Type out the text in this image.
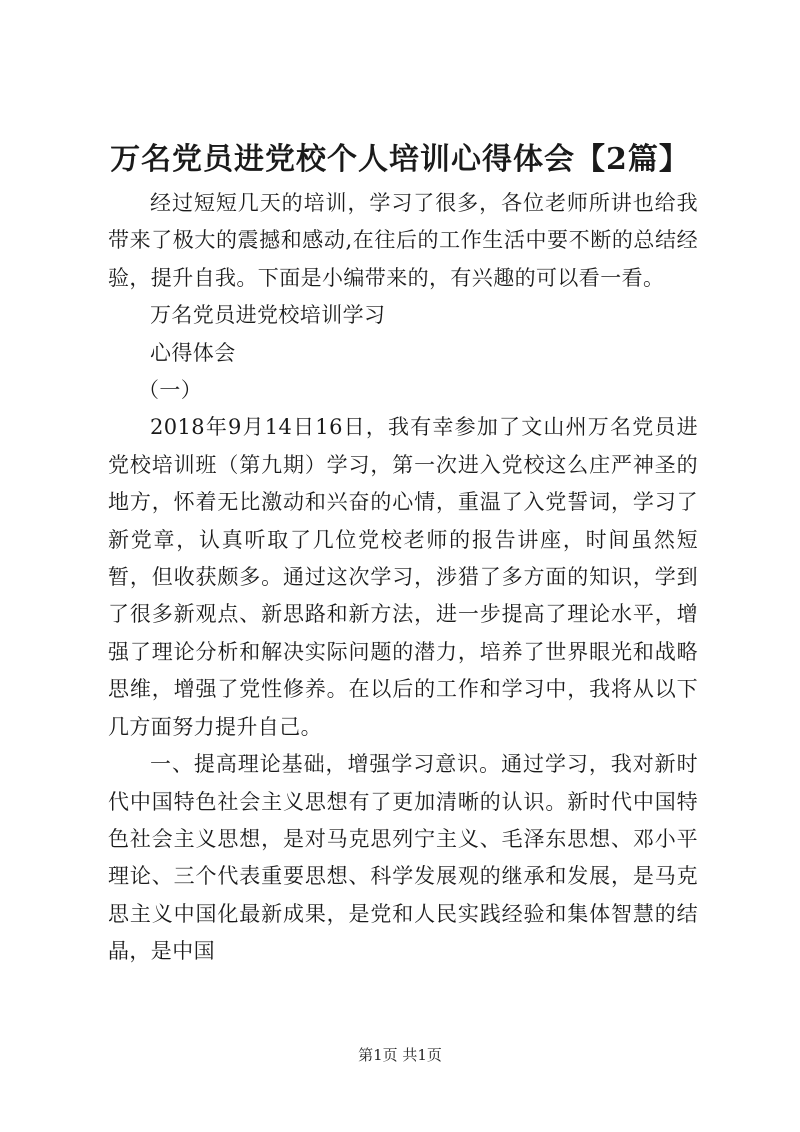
万名党员进党校个人培训心得体会【2篇】

经过短短几天的培训，学习了很多，各位老师所讲也给我带来了极大的震撼和感动,在往后的工作生活中要不断的总结经验，提升自我。下面是小编带来的，有兴趣的可以看一看。

万名党员进党校培训学习

心得体会

（一）

2018年9月14日16日，我有幸参加了文山州万名党员进党校培训班（第九期）学习，第一次进入党校这么庄严神圣的地方，怀着无比激动和兴奋的心情，重温了入党誓词，学习了新党章，认真听取了几位党校老师的报告讲座，时间虽然短暂，但收获颇多。通过这次学习，涉猎了多方面的知识，学到了很多新观点、新思路和新方法，进一步提高了理论水平，增强了理论分析和解决实际问题的潜力，培养了世界眼光和战略思维，增强了党性修养。在以后的工作和学习中，我将从以下几方面努力提升自己。

一、提高理论基础，增强学习意识。通过学习，我对新时代中国特色社会主义思想有了更加清晰的认识。新时代中国特色社会主义思想，是对马克思列宁主义、毛泽东思想、邓小平理论、三个代表重要思想、科学发展观的继承和发展，是马克思主义中国化最新成果，是党和人民实践经验和集体智慧的结晶，是中国

第1页 共1页
